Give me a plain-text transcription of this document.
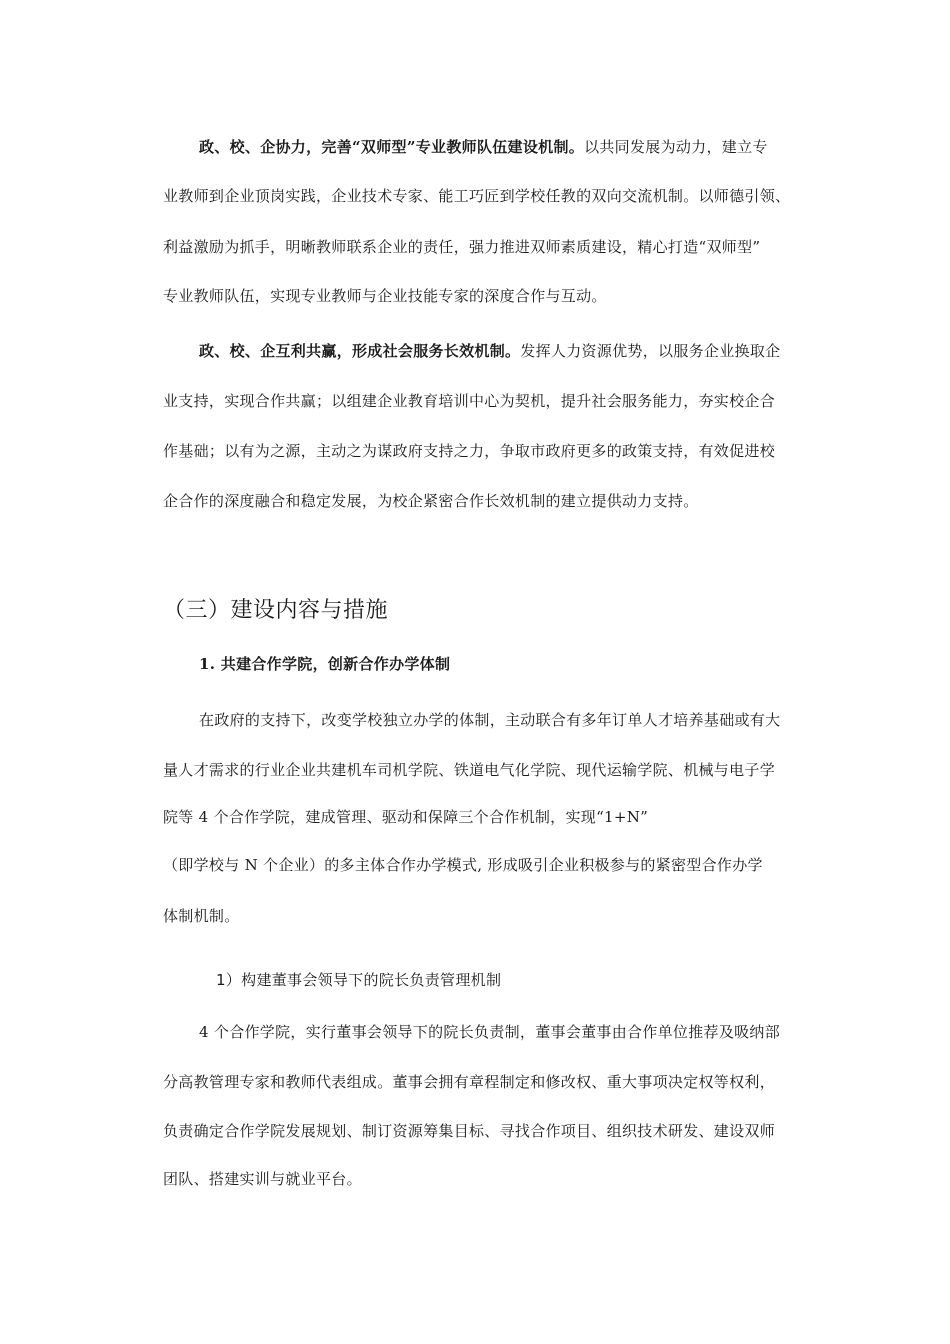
政、校、企协力，完善“双师型”专业教师队伍建设机制。以共同发展为动力，建立专
业教师到企业顶岗实践，企业技术专家、能工巧匠到学校任教的双向交流机制。以师德引领、
利益激励为抓手，明晰教师联系企业的责任，强力推进双师素质建设，精心打造“双师型”
专业教师队伍，实现专业教师与企业技能专家的深度合作与互动。
政、校、企互利共赢，形成社会服务长效机制。发挥人力资源优势，以服务企业换取企
业支持，实现合作共赢；以组建企业教育培训中心为契机，提升社会服务能力，夯实校企合
作基础；以有为之源，主动之为谋政府支持之力，争取市政府更多的政策支持，有效促进校
企合作的深度融合和稳定发展，为校企紧密合作长效机制的建立提供动力支持。
（三）建设内容与措施
1. 共建合作学院，创新合作办学体制
在政府的支持下，改变学校独立办学的体制，主动联合有多年订单人才培养基础或有大
量人才需求的行业企业共建机车司机学院、铁道电气化学院、现代运输学院、机械与电子学
院等 4 个合作学院，建成管理、驱动和保障三个合作机制，实现“1+N”
（即学校与 N 个企业）的多主体合作办学模式, 形成吸引企业积极参与的紧密型合作办学
体制机制。
1）构建董事会领导下的院长负责管理机制
4 个合作学院，实行董事会领导下的院长负责制，董事会董事由合作单位推荐及吸纳部
分高教管理专家和教师代表组成。董事会拥有章程制定和修改权、重大事项决定权等权利，
负责确定合作学院发展规划、制订资源筹集目标、寻找合作项目、组织技术研发、建设双师
团队、搭建实训与就业平台。
